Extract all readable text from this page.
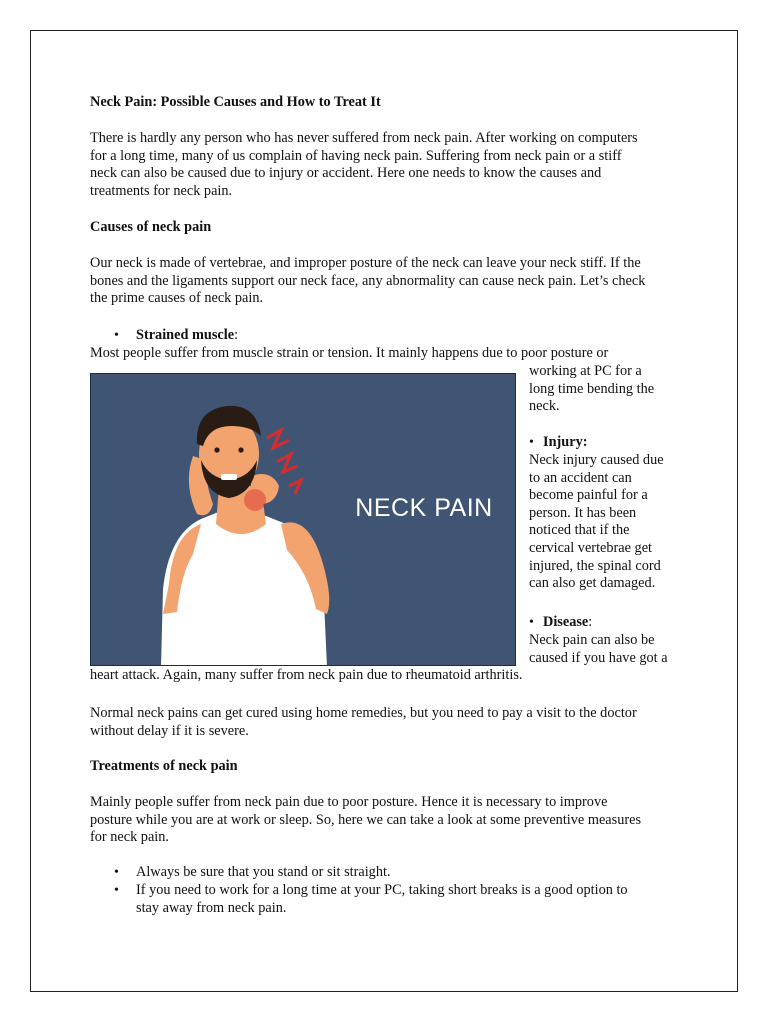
Neck Pain: Possible Causes and How to Treat It

There is hardly any person who has never suffered from neck pain. After working on computers

for a long time, many of us complain of having neck pain. Suffering from neck pain or a stiff

neck can also be caused due to injury or accident. Here one needs to know the causes and

treatments for neck pain.

Causes of neck pain

Our neck is made of vertebrae, and improper posture of the neck can leave your neck stiff. If the

bones and the ligaments support our neck face, any abnormality can cause neck pain. Let’s check

the prime causes of neck pain.

• Strained muscle:

Most people suffer from muscle strain or tension. It mainly happens due to poor posture or

working at PC for a

long time bending the

neck.

NECK PAIN
• Injury:

Neck injury caused due

to an accident can

become painful for a

person. It has been

noticed that if the

cervical vertebrae get

injured, the spinal cord

can also get damaged.

• Disease:

Neck pain can also be

caused if you have got a

heart attack. Again, many suffer from neck pain due to rheumatoid arthritis.

Normal neck pains can get cured using home remedies, but you need to pay a visit to the doctor

without delay if it is severe.

Treatments of neck pain

Mainly people suffer from neck pain due to poor posture. Hence it is necessary to improve

posture while you are at work or sleep. So, here we can take a look at some preventive measures

for neck pain.

• Always be sure that you stand or sit straight.

• If you need to work for a long time at your PC, taking short breaks is a good option to

stay away from neck pain.
